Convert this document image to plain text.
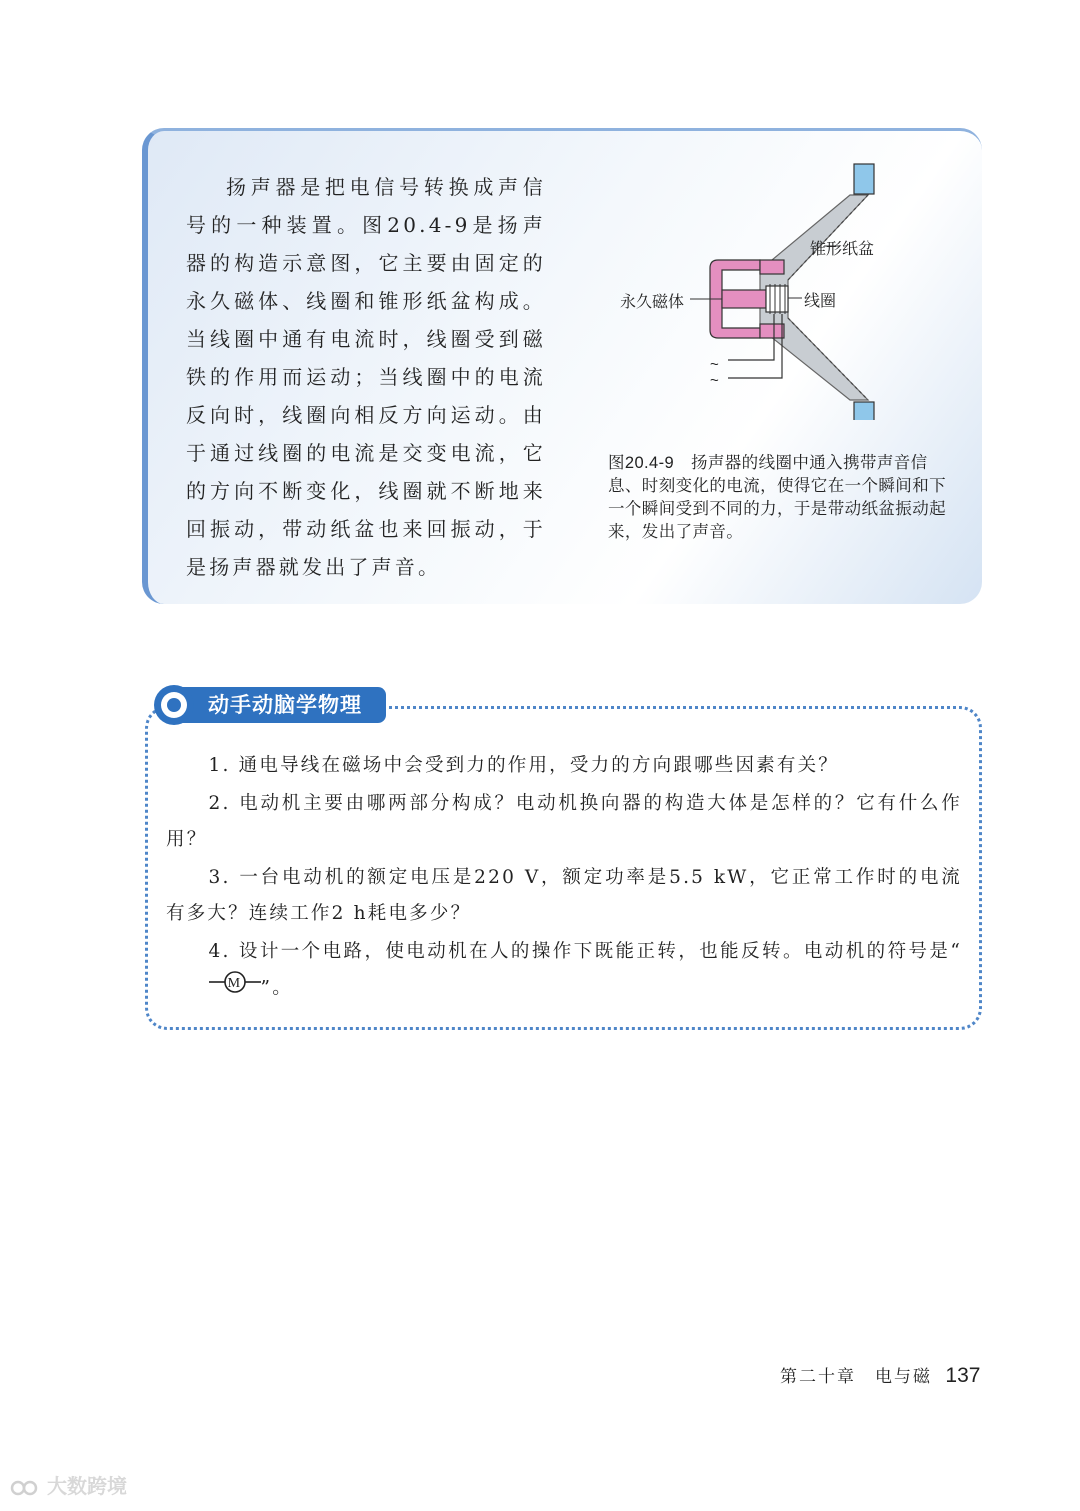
扬声器是把电信号转换成声信号的一种装置。图20.4-9是扬声器的构造示意图，它主要由固定的永久磁体、线圈和锥形纸盆构成。当线圈中通有电流时，线圈受到磁铁的作用而运动；当线圈中的电流反向时，线圈向相反方向运动。由于通过线圈的电流是交变电流，它的方向不断变化，线圈就不断地来回振动，带动纸盆也来回振动，于是扬声器就发出了声音。

锥形纸盆
永久磁体	线圈
~
~
图20.4-9　扬声器的线圈中通入携带声音信息、时刻变化的电流，使得它在一个瞬间和下一个瞬间受到不同的力，于是带动纸盆振动起来，发出了声音。
动手动脑学物理

1. 通电导线在磁场中会受到力的作用，受力的方向跟哪些因素有关？

2. 电动机主要由哪两部分构成？电动机换向器的构造大体是怎样的？它有什么作用？

3. 一台电动机的额定电压是220 V，额定功率是5.5 kW，它正常工作时的电流有多大？连续工作2 h耗电多少？

4. 设计一个电路，使电动机在人的操作下既能正转，也能反转。电动机的符号是“
M ”。

第二十章　电与磁 137
大数跨境
